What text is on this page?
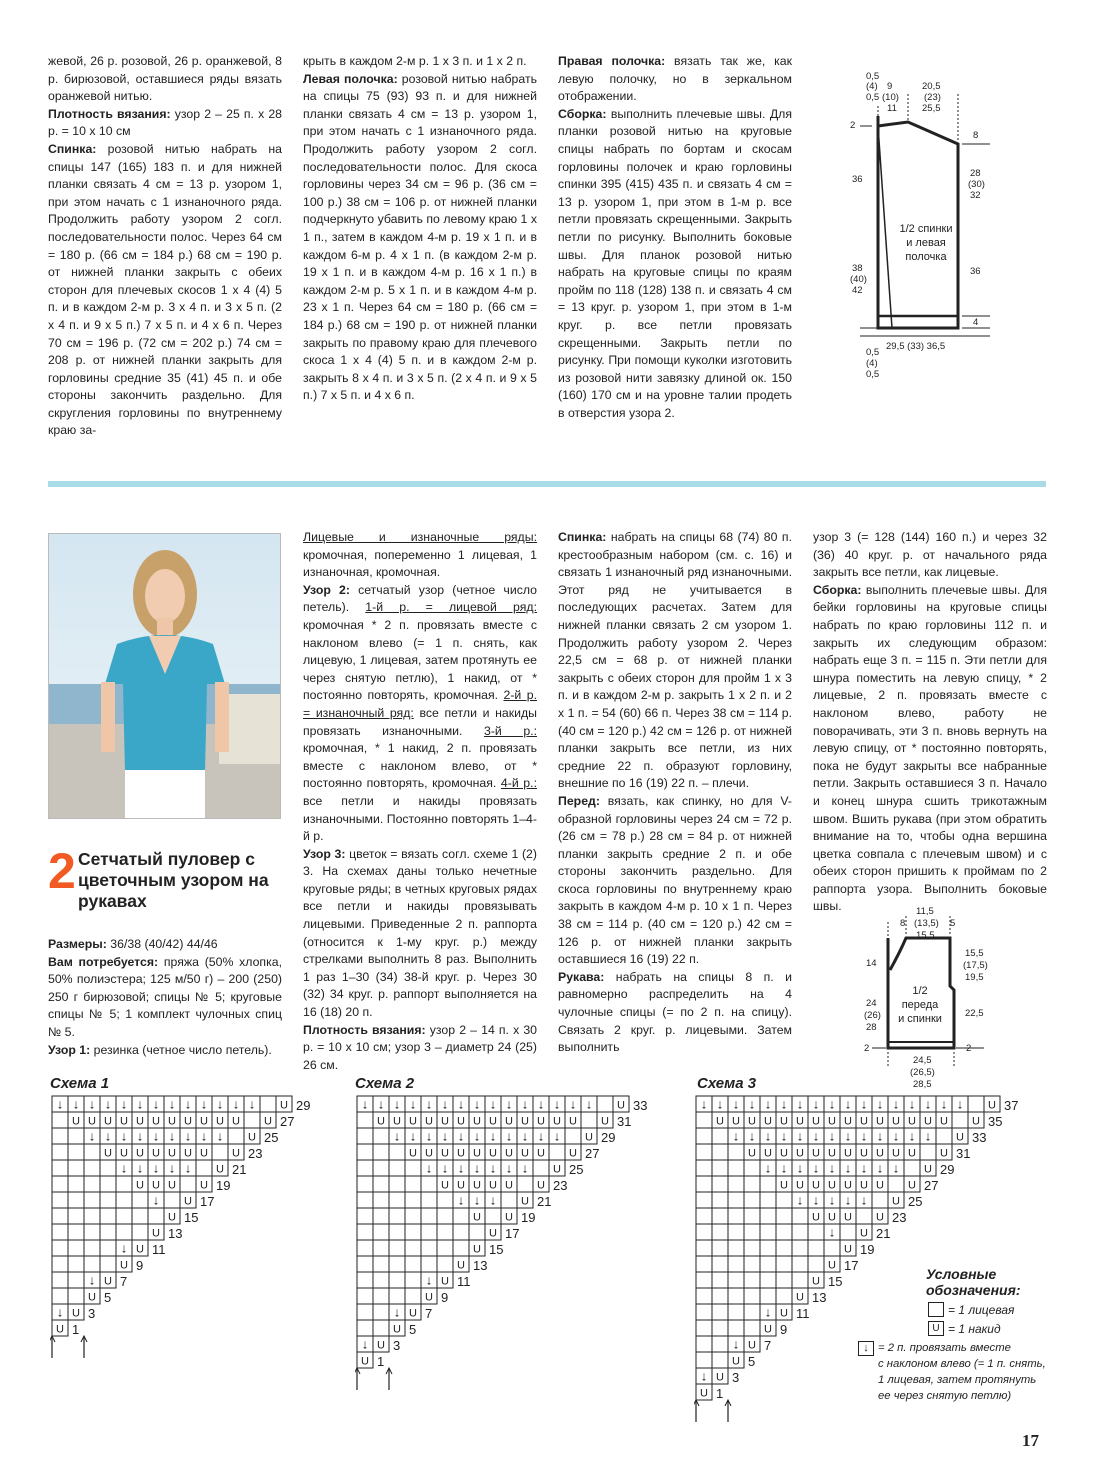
жевой, 26 р. розовой, 26 р. оранжевой, 8 р. бирюзовой, оставшиеся ряды вязать оранжевой нитью.

Плотность вязания: узор 2 – 25 п. х 28 р. = 10 х 10 см

Спинка: розовой нитью набрать на спицы 147 (165) 183 п. и для нижней планки связать 4 см = 13 р. узором 1, при этом начать с 1 изнаночного ряда. Продолжить работу узором 2 согл. последовательности полос. Через 64 см = 180 р. (66 см = 184 р.) 68 см = 190 р. от нижней планки закрыть с обеих сторон для плечевых скосов 1 х 4 (4) 5 п. и в каждом 2-м р. 3 х 4 п. и 3 х 5 п. (2 х 4 п. и 9 х 5 п.) 7 х 5 п. и 4 х 6 п. Через 70 см = 196 р. (72 см = 202 р.) 74 см = 208 р. от нижней планки закрыть для горловины средние 35 (41) 45 п. и обе стороны закончить раздельно. Для скругления горловины по внутреннему краю за-

крыть в каждом 2-м р. 1 х 3 п. и 1 х 2 п.

Левая полочка: розовой нитью набрать на спицы 75 (93) 93 п. и для нижней планки связать 4 см = 13 р. узором 1, при этом начать с 1 изнаночного ряда. Продолжить работу узором 2 согл. последовательности полос. Для скоса горловины через 34 см = 96 р. (36 см = 100 р.) 38 см = 106 р. от нижней планки подчеркнуто убавить по левому краю 1 х 1 п., затем в каждом 4-м р. 19 х 1 п. и в каждом 6-м р. 4 х 1 п. (в каждом 2-м р. 19 х 1 п. и в каждом 4-м р. 16 х 1 п.) в каждом 2-м р. 5 х 1 п. и в каждом 4-м р. 23 х 1 п. Через 64 см = 180 р. (66 см = 184 р.) 68 см = 190 р. от нижней планки закрыть по правому краю для плечевого скоса 1 х 4 (4) 5 п. и в каждом 2-м р. закрыть 8 х 4 п. и 3 х 5 п. (2 х 4 п. и 9 х 5 п.) 7 х 5 п. и 4 х 6 п.

Правая полочка: вязать так же, как левую полочку, но в зеркальном отображении.

Сборка: выполнить плечевые швы. Для планки розовой нитью на круговые спицы набрать по бортам и скосам горловины полочек и краю горловины спинки 395 (415) 435 п. и связать 4 см = 13 р. узором 1, при этом в 1-м р. все петли провязать скрещенными. Закрыть петли по рисунку. Выполнить боковые швы. Для планок розовой нитью набрать на круговые спицы по краям пройм по 118 (128) 138 п. и связать 4 см = 13 круг. р. узором 1, при этом в 1-м круг. р. все петли провязать скрещенными. Закрыть петли по рисунку. При помощи куколки изготовить из розовой нити завязку длиной ок. 150 (160) 170 см и на уровне талии продеть в отверстия узора 2.

0,5
(4)
0,5
9
(10)
11
20,5
(23)
25,5
2
8
36
28
(30)
32
38
(40)
42
36
4
0,5
(4)
0,5
29,5 (33) 36,5
1/2 спинки
и левая
полочка
2 Сетчатый пуловер с цветочным узором на рукавах

Размеры: 36/38 (40/42) 44/46

Вам потребуется: пряжа (50% хлопка, 50% полиэстера; 125 м/50 г) – 200 (250) 250 г бирюзовой; спицы № 5; круговые спицы № 5; 1 комплект чулочных спиц № 5.

Узор 1: резинка (четное число петель).

Лицевые и изнаночные ряды: кромочная, попеременно 1 лицевая, 1 изнаночная, кромочная.

Узор 2: сетчатый узор (четное число петель). 1-й р. = лицевой ряд: кромочная * 2 п. провязать вместе с наклоном влево (= 1 п. снять, как лицевую, 1 лицевая, затем протянуть ее через снятую петлю), 1 накид, от * постоянно повторять, кромочная. 2-й р. = изнаночный ряд: все петли и накиды провязать изнаночными. 3-й р.: кромочная, * 1 накид, 2 п. провязать вместе с наклоном влево, от * постоянно повторять, кромочная. 4-й р.: все петли и накиды провязать изнаночными. Постоянно повторять 1–4-й р.

Узор 3: цветок = вязать согл. схеме 1 (2) 3. На схемах даны только нечетные круговые ряды; в четных круговых рядах все петли и накиды провязывать лицевыми. Приведенные 2 п. раппорта (относится к 1-му круг. р.) между стрелками выполнить 8 раз. Выполнить 1 раз 1–30 (34) 38-й круг. р. Через 30 (32) 34 круг. р. раппорт выполняется на 16 (18) 20 п.

Плотность вязания: узор 2 – 14 п. х 30 р. = 10 х 10 см; узор 3 – диаметр 24 (25) 26 см.

Спинка: набрать на спицы 68 (74) 80 п. крестообразным набором (см. с. 16) и связать 1 изнаночный ряд изнаночными. Этот ряд не учитывается в последующих расчетах. Затем для нижней планки связать 2 см узором 1. Продолжить работу узором 2. Через 22,5 см = 68 р. от нижней планки закрыть с обеих сторон для пройм 1 х 3 п. и в каждом 2-м р. закрыть 1 х 2 п. и 2 х 1 п. = 54 (60) 66 п. Через 38 см = 114 р. (40 см = 120 р.) 42 см = 126 р. от нижней планки закрыть все петли, из них средние 22 п. образуют горловину, внешние по 16 (19) 22 п. – плечи.

Перед: вязать, как спинку, но для V-образной горловины через 24 см = 72 р. (26 см = 78 р.) 28 см = 84 р. от нижней планки закрыть средние 2 п. и обе стороны закончить раздельно. Для скоса горловины по внутреннему краю закрыть в каждом 4-м р. 10 х 1 п. Через 38 см = 114 р. (40 см = 120 р.) 42 см = 126 р. от нижней планки закрыть оставшиеся 16 (19) 22 п.

Рукава: набрать на спицы 8 п. и равномерно распределить на 4 чулочные спицы (= по 2 п. на спицу). Связать 2 круг. р. лицевыми. Затем выполнить

узор 3 (= 128 (144) 160 п.) и через 32 (36) 40 круг. р. от начального ряда закрыть все петли, как лицевые.

Сборка: выполнить плечевые швы. Для бейки горловины на круговые спицы набрать по краю горловины 112 п. и закрыть их следующим образом: набрать еще 3 п. = 115 п. Эти петли для шнура поместить на левую спицу, * 2 лицевые, 2 п. провязать вместе с наклоном влево, работу не поворачивать, эти 3 п. вновь вернуть на левую спицу, от * постоянно повторять, пока не будут закрыты все набранные петли. Закрыть оставшиеся 3 п. Начало и конец шнура сшить трикотажным швом. Вшить рукава (при этом обратить внимание на то, чтобы одна вершина цветка совпала с плечевым швом) и с обеих сторон пришить к проймам по 2 раппорта узора. Выполнить боковые швы.

8
11,5
(13,5)
15,5
5
14
15,5
(17,5)
19,5
24
(26)
28
22,5
2	2
24,5
(26,5)
28,5
1/2
переда
и спинки
Схема 1	Схема 2	Схема 3
↓ ↓ ↓ ↓ ↓ ↓ ↓ ↓ ↓ ↓ ↓ ↓ ↓ U 29
U U U U U U U U U U U U 27
↓ ↓ ↓ ↓ ↓ ↓ ↓ ↓ ↓ U 25
U U U U U U U U 23
↓ ↓ ↓ ↓ ↓ U 21
U U U U 19
↓ U 17
U 15
U 13
↓ U 11
U 9
↓ U 7
U 5
↓ U 3
U 1
↓ ↓ ↓ ↓ ↓ ↓ ↓ ↓ ↓ ↓ ↓ ↓ ↓ ↓ ↓ U 33
U U U U U U U U U U U U U U 31
↓ ↓ ↓ ↓ ↓ ↓ ↓ ↓ ↓ ↓ ↓ U 29
U U U U U U U U U U 27
↓ ↓ ↓ ↓ ↓ ↓ ↓ U 25
U U U U U U 23
↓ ↓ ↓ U 21
U U 19
U 17
U 15
U 13
↓ U 11
U 9
↓ U 7
U 5
↓ U 3
U 1
↓ ↓ ↓ ↓ ↓ ↓ ↓ ↓ ↓ ↓ ↓ ↓ ↓ ↓ ↓ ↓ ↓ U 37
U U U U U U U U U U U U U U U U 35
↓ ↓ ↓ ↓ ↓ ↓ ↓ ↓ ↓ ↓ ↓ ↓ ↓ U 33
U U U U U U U U U U U U 31
↓ ↓ ↓ ↓ ↓ ↓ ↓ ↓ ↓ U 29
U U U U U U U U 27
↓ ↓ ↓ ↓ ↓ U 25
U U U U 23
↓ U 21
U 19
U 17
U 15
U 13
↓ U 11
U 9
↓ U 7
U 5
↓ U 3
U 1
Условные
обозначения:
= 1 лицевая
U = 1 накид
↓ = 2 п. провязать вместе
с наклоном влево (= 1 п. снять,
1 лицевая, затем протянуть
ее через снятую петлю)
17
